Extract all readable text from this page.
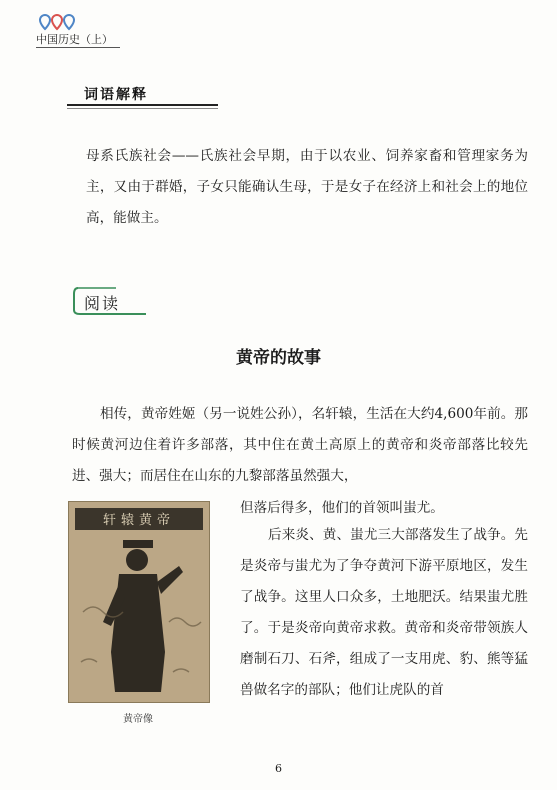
中国历史（上）
词语解释

母系氏族社会——氏族社会早期，由于以农业、饲养家畜和管理家务为主，又由于群婚，子女只能确认生母，于是女子在经济上和社会上的地位高，能做主。

阅读
黄帝的故事

相传，黄帝姓姬（另一说姓公孙），名轩辕，生活在大约4,600年前。那时候黄河边住着许多部落，其中住在黄土高原上的黄帝和炎帝部落比较先进、强大；而居住在山东的九黎部落虽然强大，

但落后得多，他们的首领叫蚩尤。

后来炎、黄、蚩尤三大部落发生了战争。先是炎帝与蚩尤为了争夺黄河下游平原地区，发生了战争。这里人口众多，土地肥沃。结果蚩尤胜了。于是炎帝向黄帝求救。黄帝和炎帝带领族人磨制石刀、石斧，组成了一支用虎、豹、熊等猛兽做名字的部队；他们让虎队的首

轩辕黄帝
黄帝像
6
